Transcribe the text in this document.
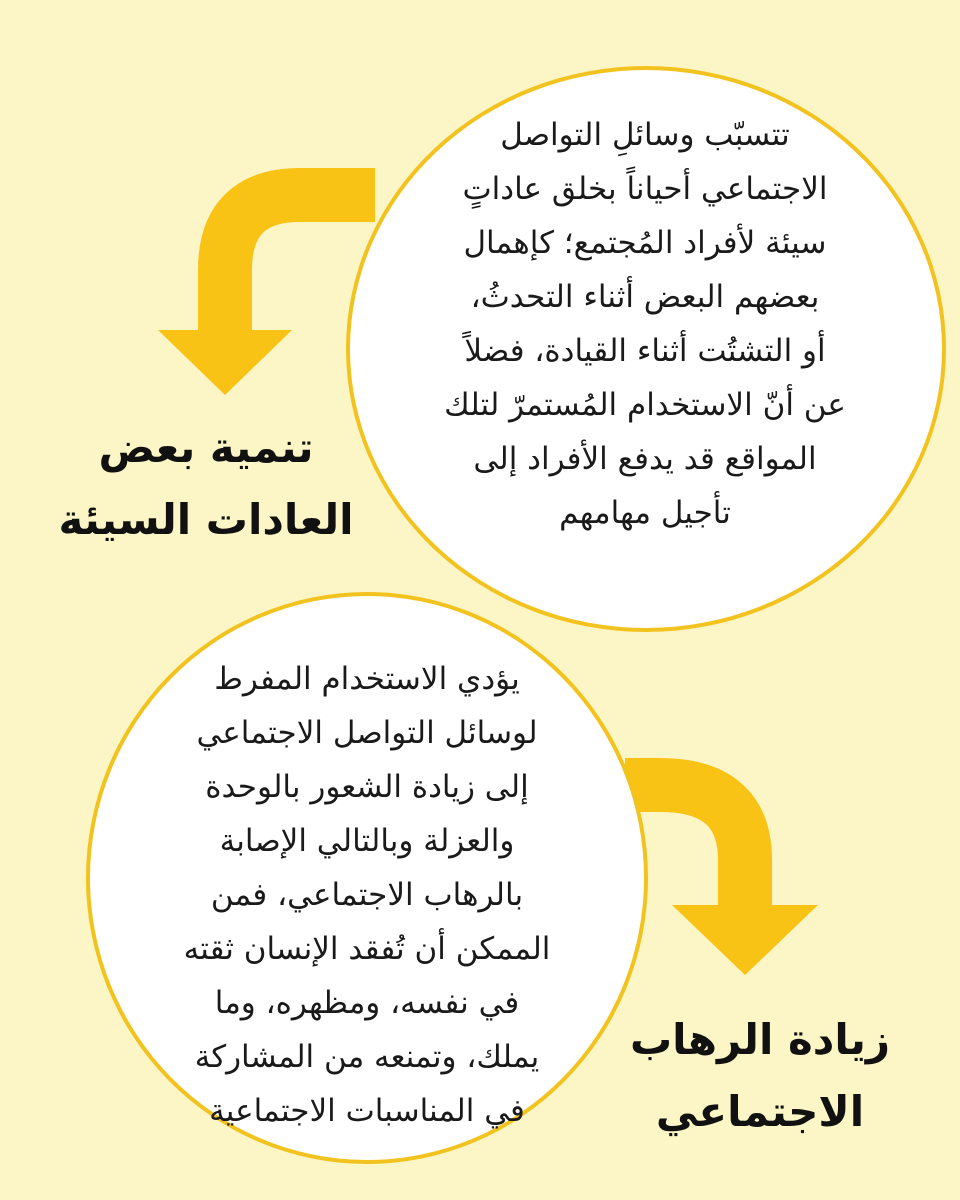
تتسبّب وسائلِ التواصل
الاجتماعي أحياناً بخلق عاداتٍ
سيئة لأفراد المُجتمع؛ كإهمال
بعضهم البعض أثناء التحدثُ،
أو التشتُت أثناء القيادة، فضلاً
عن أنّ الاستخدام المُستمرّ لتلك
المواقع قد يدفع الأفراد إلى
تأجيل مهامهم
تنمية بعض
العادات السيئة
يؤدي الاستخدام المفرط
لوسائل التواصل الاجتماعي
إلى زيادة الشعور بالوحدة
والعزلة وبالتالي الإصابة
بالرهاب الاجتماعي، فمن
الممكن أن تُفقد الإنسان ثقته
في نفسه، ومظهره، وما
يملك، وتمنعه من المشاركة
في المناسبات الاجتماعية
زيادة الرهاب
الاجتماعي
